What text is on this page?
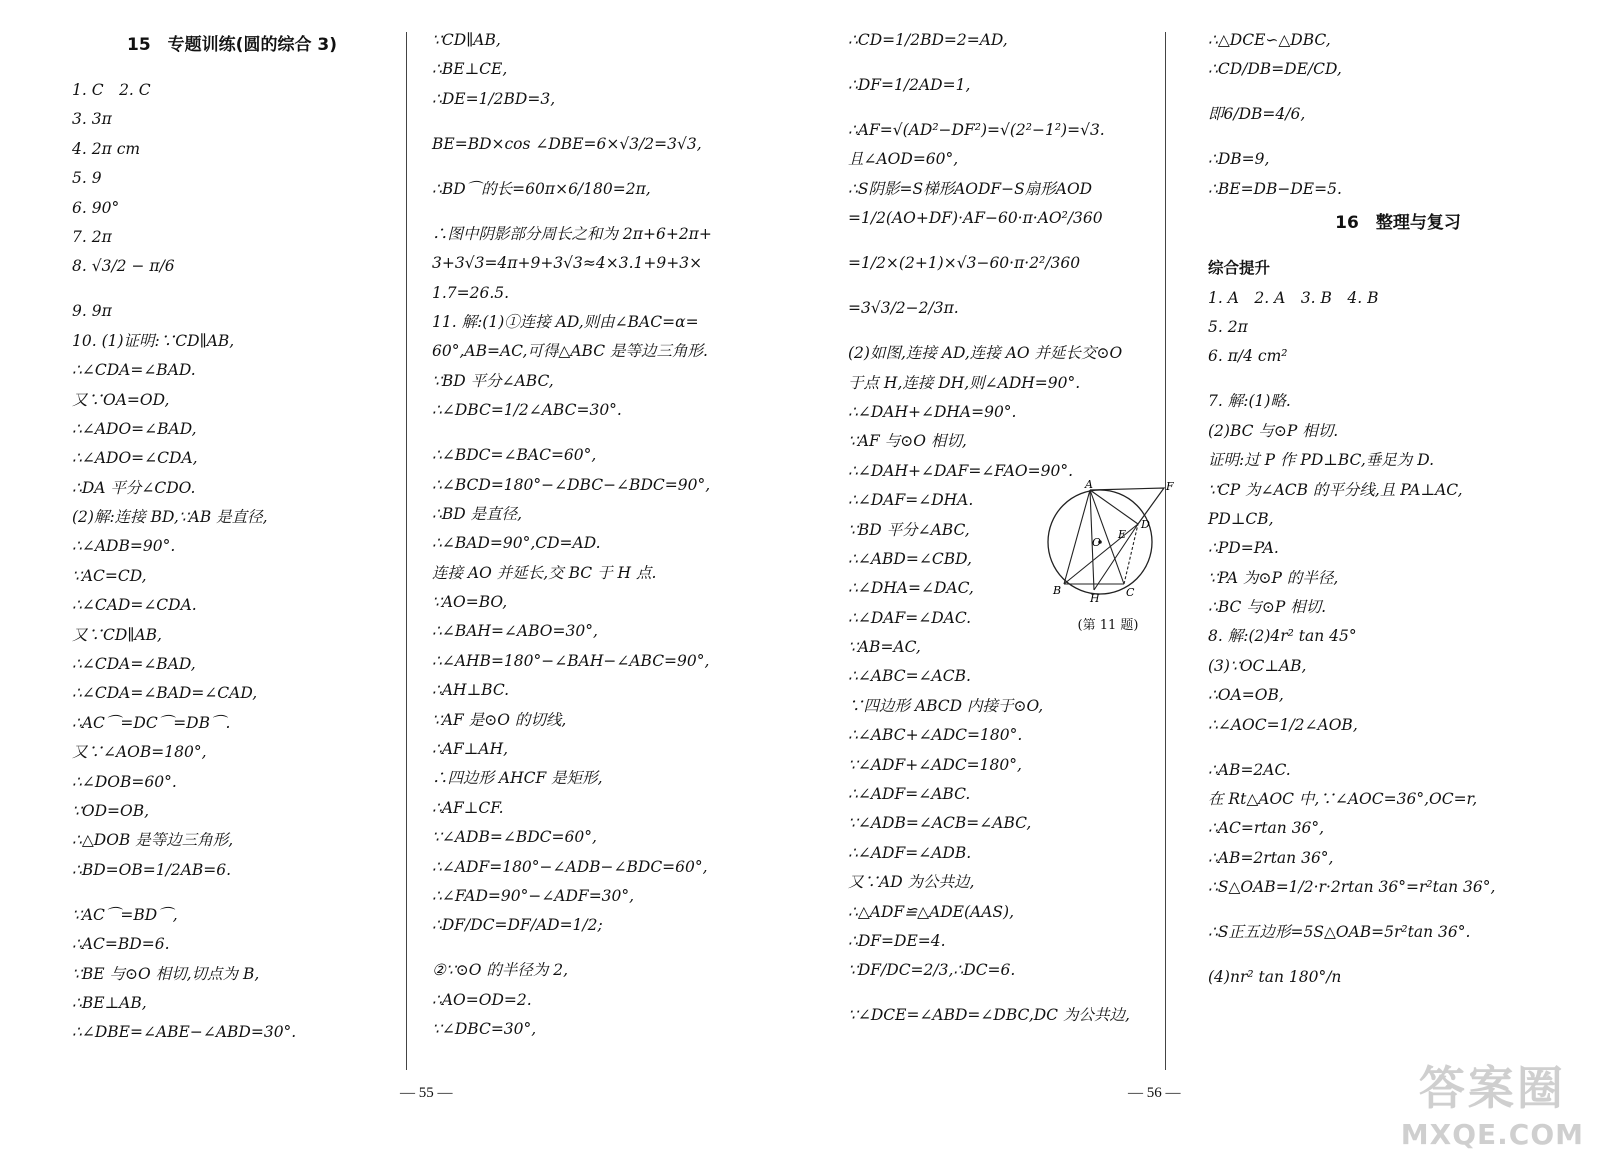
15　专题训练(圆的综合 3)
1. C　2. C
3. 3π
4. 2π cm
5. 9
6. 90°
7. 2π
8. √3/2 − π/6
9. 9π
10. (1)证明:∵CD∥AB,
∴∠CDA=∠BAD.
又∵OA=OD,
∴∠ADO=∠BAD,
∴∠ADO=∠CDA,
∴DA 平分∠CDO.
(2)解:连接 BD,∵AB 是直径,
∴∠ADB=90°.
∵AC=CD,
∴∠CAD=∠CDA.
又∵CD∥AB,
∴∠CDA=∠BAD,
∴∠CDA=∠BAD=∠CAD,
∴AC⌒=DC⌒=DB⌒.
又∵∠AOB=180°,
∴∠DOB=60°.
∵OD=OB,
∴△DOB 是等边三角形,
∴BD=OB=1/2AB=6.
∵AC⌒=BD⌒,
∴AC=BD=6.
∵BE 与⊙O 相切,切点为 B,
∴BE⊥AB,
∴∠DBE=∠ABE−∠ABD=30°.
∵CD∥AB,
∴BE⊥CE,
∴DE=1/2BD=3,
BE=BD×cos ∠DBE=6×√3/2=3√3,
∴BD⌒的长=60π×6/180=2π,
∴图中阴影部分周长之和为 2π+6+2π+
3+3√3=4π+9+3√3≈4×3.1+9+3×
1.7=26.5.
11. 解:(1)①连接 AD,则由∠BAC=α=
60°,AB=AC,可得△ABC 是等边三角形.
∵BD 平分∠ABC,
∴∠DBC=1/2∠ABC=30°.
∴∠BDC=∠BAC=60°,
∴∠BCD=180°−∠DBC−∠BDC=90°,
∴BD 是直径,
∴∠BAD=90°,CD=AD.
连接 AO 并延长,交 BC 于 H 点.
∵AO=BO,
∴∠BAH=∠ABO=30°,
∴∠AHB=180°−∠BAH−∠ABC=90°,
∴AH⊥BC.
∵AF 是⊙O 的切线,
∴AF⊥AH,
∴四边形 AHCF 是矩形,
∴AF⊥CF.
∵∠ADB=∠BDC=60°,
∴∠ADF=180°−∠ADB−∠BDC=60°,
∴∠FAD=90°−∠ADF=30°,
∴DF/DC=DF/AD=1/2;
②∵⊙O 的半径为 2,
∴AO=OD=2.
∵∠DBC=30°,
∴CD=1/2BD=2=AD,
∴DF=1/2AD=1,
∴AF=√(AD²−DF²)=√(2²−1²)=√3.
且∠AOD=60°,
∴S阴影=S梯形AODF−S扇形AOD
=1/2(AO+DF)·AF−60·π·AO²/360
=1/2×(2+1)×√3−60·π·2²/360
=3√3/2−2/3π.
(2)如图,连接 AD,连接 AO 并延长交⊙O
于点 H,连接 DH,则∠ADH=90°.
∴∠DAH+∠DHA=90°.
∵AF 与⊙O 相切,
∴∠DAH+∠DAF=∠FAO=90°.
A	F
D
E
O
B
H C
(第 11 题)
∴∠DAF=∠DHA.
∵BD 平分∠ABC,
∴∠ABD=∠CBD,
∴∠DHA=∠DAC,
∴∠DAF=∠DAC.
∵AB=AC,
∴∠ABC=∠ACB.
∵四边形 ABCD 内接于⊙O,
∴∠ABC+∠ADC=180°.
∵∠ADF+∠ADC=180°,
∴∠ADF=∠ABC.
∵∠ADB=∠ACB=∠ABC,
∴∠ADF=∠ADB.
又∵AD 为公共边,
∴△ADF≌△ADE(AAS),
∴DF=DE=4.
∵DF/DC=2/3,∴DC=6.
∵∠DCE=∠ABD=∠DBC,DC 为公共边,
∴△DCE∽△DBC,
∴CD/DB=DE/CD,
即6/DB=4/6,
∴DB=9,
∴BE=DB−DE=5.
16　整理与复习
综合提升
1. A　2. A　3. B　4. B
5. 2π
6. π/4 cm²
7. 解:(1)略.
(2)BC 与⊙P 相切.
证明:过 P 作 PD⊥BC,垂足为 D.
∵CP 为∠ACB 的平分线,且 PA⊥AC,
PD⊥CB,
∴PD=PA.
∵PA 为⊙P 的半径,
∴BC 与⊙P 相切.
8. 解:(2)4r² tan 45°
(3)∵OC⊥AB,
∴OA=OB,
∴∠AOC=1/2∠AOB,
∴AB=2AC.
在 Rt△AOC 中,∵∠AOC=36°,OC=r,
∴AC=rtan 36°,
∴AB=2rtan 36°,
∴S△OAB=1/2·r·2rtan 36°=r²tan 36°,
∴S正五边形=5S△OAB=5r²tan 36°.
(4)nr² tan 180°/n
— 55 —	— 56 —	答案圈
MXQE.COM
